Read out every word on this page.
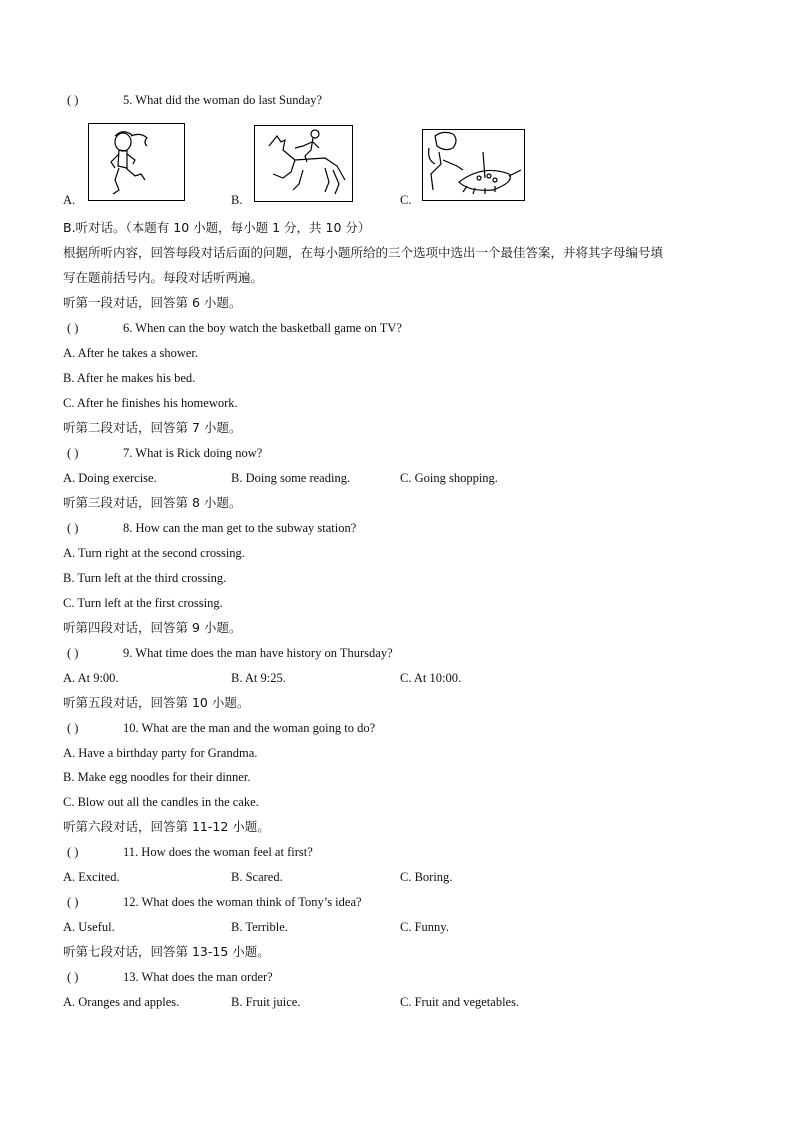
( )	5. What did the woman do last Sunday?
A.	B.	C.
B.听对话。（本题有 10 小题，每小题 1 分，共 10 分）
根据所听内容，回答每段对话后面的问题，在每小题所给的三个选项中选出一个最佳答案，并将其字母编号填
写在题前括号内。每段对话听两遍。
听第一段对话，回答第 6 小题。
( )	6. When can the boy watch the basketball game on TV?
A. After he takes a shower.
B. After he makes his bed.
C. After he finishes his homework.
听第二段对话，回答第 7 小题。
( )	7. What is Rick doing now?
A. Doing exercise.	B. Doing some reading.	C. Going shopping.
听第三段对话，回答第 8 小题。
( )	8. How can the man get to the subway station?
A. Turn right at the second crossing.
B. Turn left at the third crossing.
C. Turn left at the first crossing.
听第四段对话，回答第 9 小题。
( )	9. What time does the man have history on Thursday?
A. At 9:00.	B. At 9:25.	C. At 10:00.
听第五段对话，回答第 10 小题。
( )	10. What are the man and the woman going to do?
A. Have a birthday party for Grandma.
B. Make egg noodles for their dinner.
C. Blow out all the candles in the cake.
听第六段对话，回答第 11-12 小题。
( )	11. How does the woman feel at first?
A. Excited.	B. Scared.	C. Boring.
( )	12. What does the woman think of Tony’s idea?
A. Useful.	B. Terrible.	C. Funny.
听第七段对话，回答第 13-15 小题。
( )	13. What does the man order?
A. Oranges and apples.	B. Fruit juice.	C. Fruit and vegetables.
